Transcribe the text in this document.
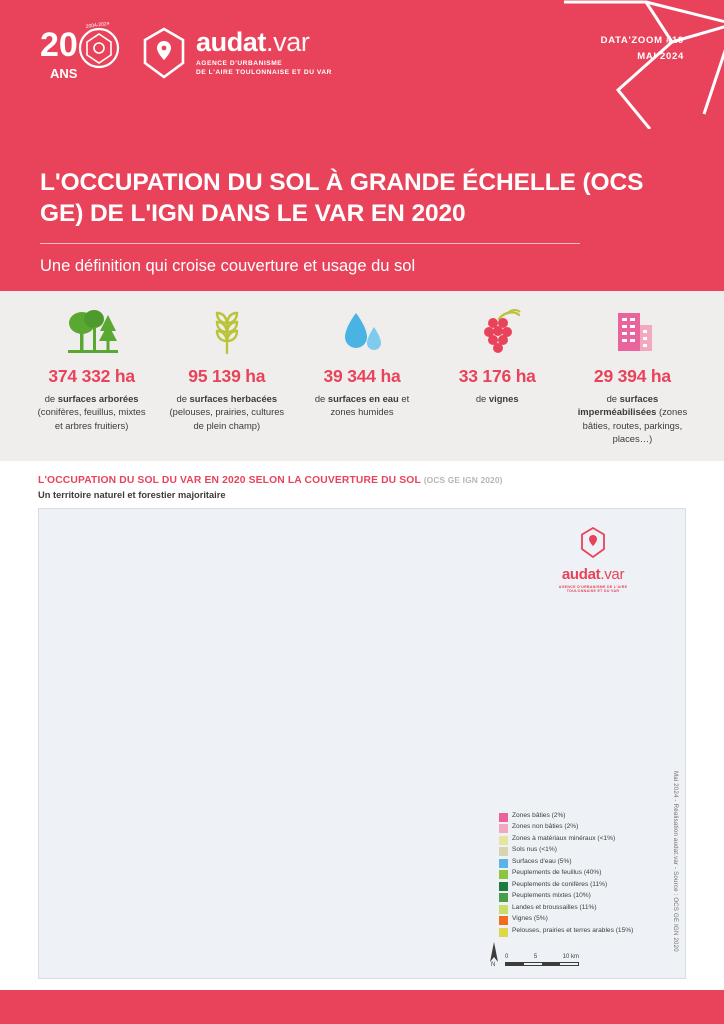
20
ANS
2004-2024
audat.var
AGENCE D'URBANISME
DE L'AIRE TOULONNAISE ET DU VAR
DATA'ZOOM #19
MAI 2024
L'OCCUPATION DU SOL À GRANDE ÉCHELLE (OCS GE) DE L'IGN DANS LE VAR EN 2020
Une définition qui croise couverture et usage du sol
374 332 ha
de surfaces arborées (conifères, feuillus, mixtes et arbres fruitiers)
95 139 ha
de surfaces herbacées (pelouses, prairies, cultures de plein champ)
39 344 ha
de surfaces en eau et zones humides
33 176 ha
de vignes
29 394 ha
de surfaces imperméabilisées (zones bâties, routes, parkings, places…)
L'OCCUPATION DU SOL DU VAR EN 2020 SELON LA COUVERTURE DU SOL (OCS GE IGN 2020)
Un territoire naturel et forestier majoritaire
audat.var
AGENCE D'URBANISME DE L'AIRE TOULONNAISE ET DU VAR
Zones bâties (2%)
Zones non bâties (2%)
Zones à matériaux minéraux (<1%)
Sols nus (<1%)
Surfaces d'eau (5%)
Peuplements de feuillus (40%)
Peuplements de conifères (11%)
Peuplements mixtes (10%)
Landes et broussailles (11%)
Vignes (5%)
Pelouses, prairies et terres arables (15%)	Mai 2024 - Réalisation audat.var - Source : OCS GE IGN 2020
0	5	10 km
N
